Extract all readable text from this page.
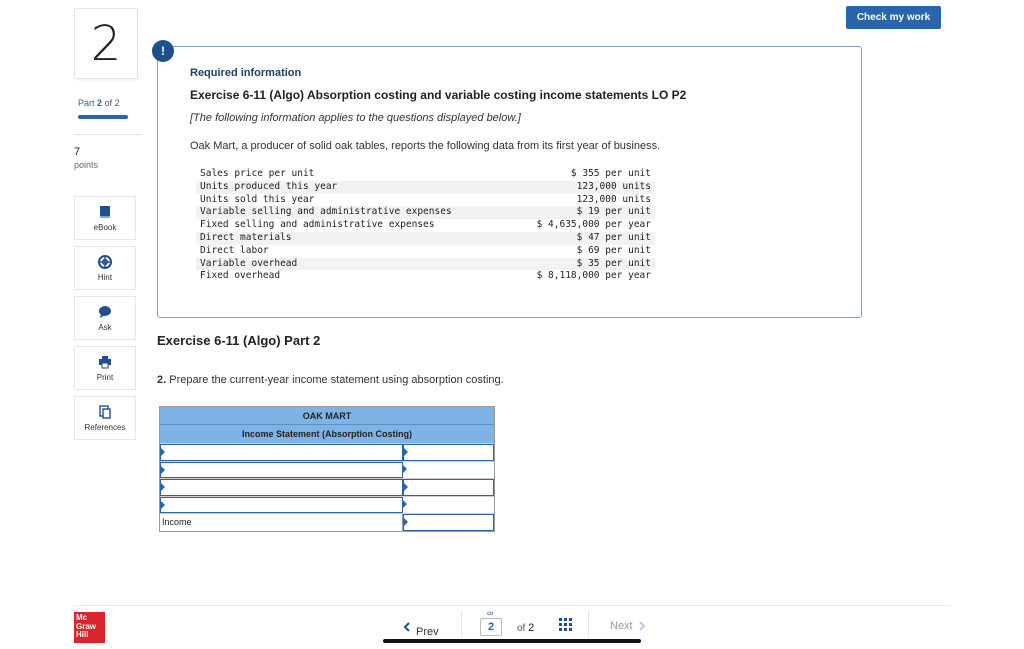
Check my work
2
Part 2 of 2
7
points
eBook
Hint
Ask
Print
References
!
Required information
Exercise 6-11 (Algo) Absorption costing and variable costing income statements LO P2
[The following information applies to the questions displayed below.]
Oak Mart, a producer of solid oak tables, reports the following data from its first year of business.
Sales price per unit	$ 355 per unit
Units produced this year	123,000 units
Units sold this year	123,000 units
Variable selling and administrative expenses	$ 19 per unit
Fixed selling and administrative expenses	$ 4,635,000 per year
Direct materials	$ 47 per unit
Direct labor	$ 69 per unit
Variable overhead	$ 35 per unit
Fixed overhead	$ 8,118,000 per year
Exercise 6-11 (Algo) Part 2
2. Prepare the current-year income statement using absorption costing.
OAK MART
Income Statement (Absorption Costing)
Income
Mc
Graw
Hill	Prev
∞
2	of 2	Next
